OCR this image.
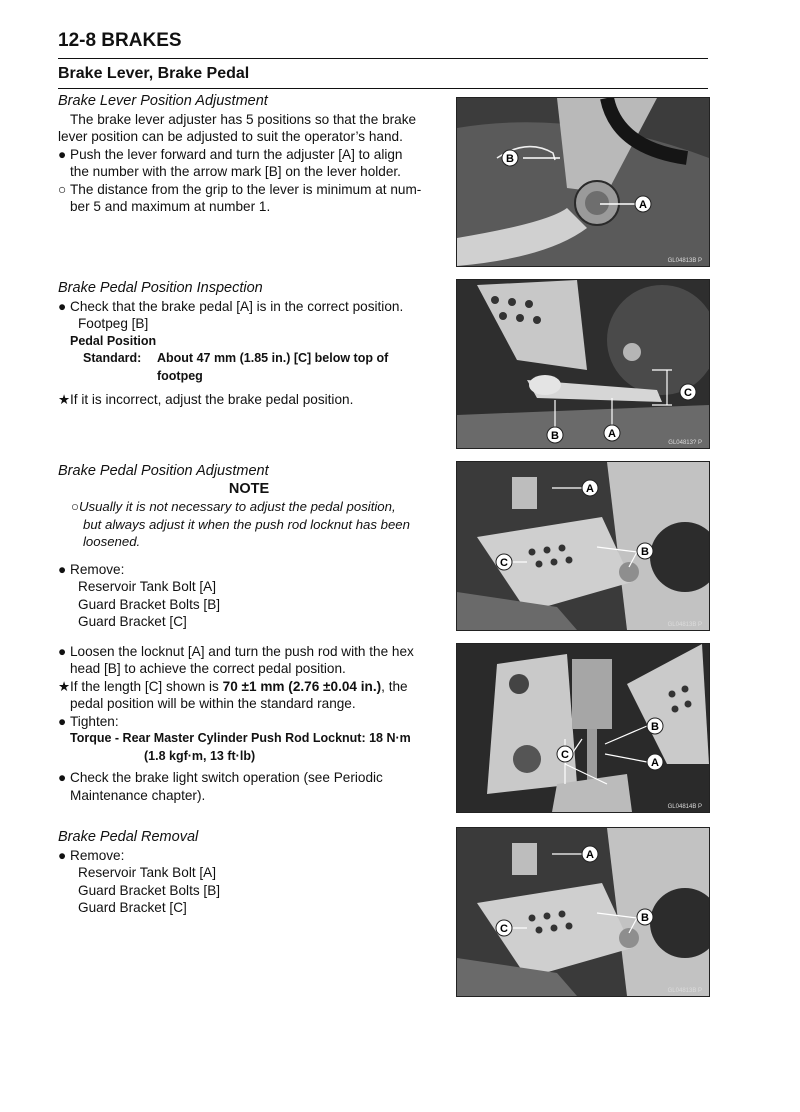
12-8 BRAKES
Brake Lever, Brake Pedal

Brake Lever Position Adjustment

The brake lever adjuster has 5 positions so that the brake

lever position can be adjusted to suit the operator’s hand.

● Push the lever forward and turn the adjuster [A] to align

the number with the arrow mark [B] on the lever holder.

○ The distance from the grip to the lever is minimum at num-

ber 5 and maximum at number 1.

Brake Pedal Position Inspection

● Check that the brake pedal [A] is in the correct position.

Footpeg [B]

Pedal Position

Standard:	About 47 mm (1.85 in.) [C] below top of
footpeg

★ If it is incorrect, adjust the brake pedal position.

Brake Pedal Position Adjustment

NOTE

○Usually it is not necessary to adjust the pedal position,
but always adjust it when the push rod locknut has been
loosened.

● Remove:

Reservoir Tank Bolt [A]

Guard Bracket Bolts [B]

Guard Bracket [C]

● Loosen the locknut [A] and turn the push rod with the hex

head [B] to achieve the correct pedal position.

★ If the length [C] shown is 70 ±1 mm (2.76 ±0.04 in.), the

pedal position will be within the standard range.

● Tighten:

Torque - Rear Master Cylinder Push Rod Locknut: 18 N·m

(1.8 kgf·m, 13 ft·lb)

● Check the brake light switch operation (see Periodic

Maintenance chapter).

Brake Pedal Removal

● Remove:

Reservoir Tank Bolt [A]

Guard Bracket Bolts [B]

Guard Bracket [C]

B
A
GL04813B P
C
B	A
GL04813? P
A
B
C
GL04813B P
B
C
A
GL04814B P
A
B
C
GL04813B P
